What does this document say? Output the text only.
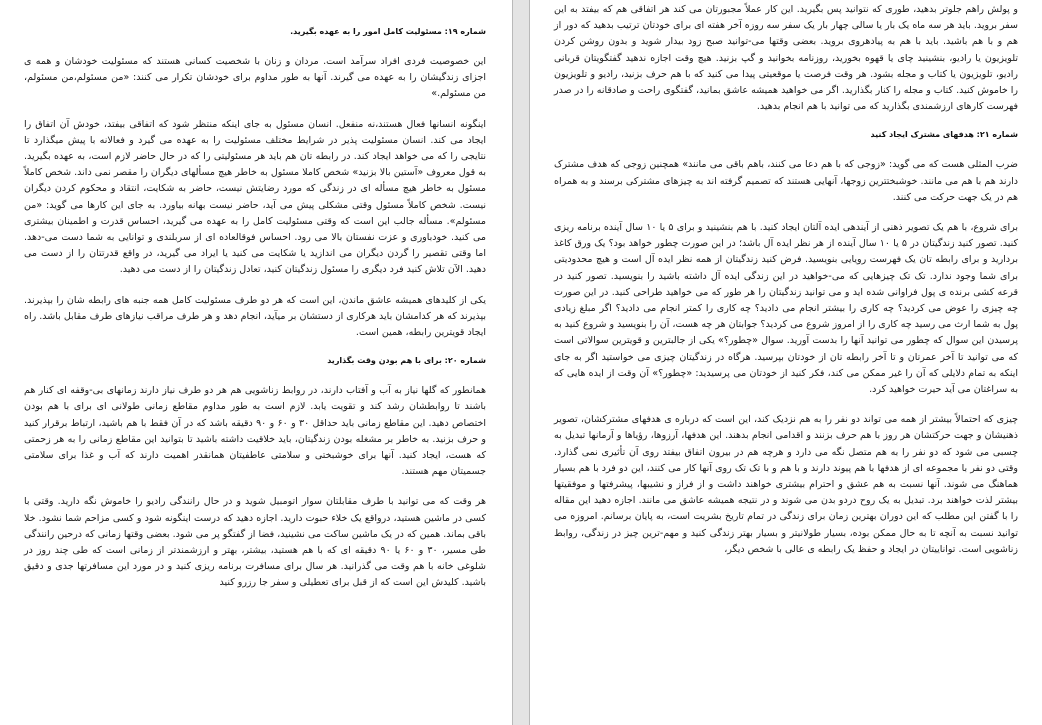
شماره ۱۹: مسئولیت کامل امور را به عهده بگیرید.

این خصوصیت فردی افراد سرآمد است. مردان و زنان با شخصیت کسانی هستند که مسئولیت خودشان و همه ی اجزای زندگیشان را به عهده می گیرند. آنها به طور مداوم برای خودشان تکرار می کنند: «من مسئولم،من مسئولم، من مسئولم.»

اینگونه انسانها فعال هستند،نه منفعل. انسان مسئول به جای اینکه منتظر شود که اتفاقی بیفتد، خودش آن اتفاق را ایجاد می کند. انسان مسئولیت پذیر در شرایط مختلف مسئولیت را به عهده می گیرد و فعالانه با پیش میگذارد تا نتایجی را که می خواهد ایجاد کند. در رابطه تان هم باید هر مسئولیتی را که در حال حاضر لازم است، به عهده بگیرید. به قول معروف «آستین بالا بزنید» شخص کاملا مسئول به خاطر هیچ مسألهای دیگران را مقصر نمی داند. شخص کاملاً مسئول به خاطر هیچ مسأله ای در زندگی که مورد رضایتش نیست، حاضر به شکایت، انتقاد و محکوم کردن دیگران نیست. شخص کاملاً مسئول وقتی مشکلی پیش می آید، حاضر نیست بهانه بیاورد. به جای این کارها می گوید: «من مسئولم». مسأله جالب این است که وقتی مسئولیت کامل را به عهده می گیرید، احساس قدرت و اطمینان بیشتری می کنید. خودباوری و عزت نفستان بالا می رود. احساس فوقالعاده ای از سربلندی و توانایی به شما دست می-دهد. اما وقتی تقصیر را گردن دیگران می اندازید یا شکایت می کنید یا ایراد می گیرید، در واقع قدرتتان را از دست می دهید. الآن تلاش کنید فرد دیگری را مسئول زندگیتان کنید، تعادل زندگیتان را از دست می دهید.

یکی از کلیدهای همیشه عاشق ماندن، این است که هر دو طرف مسئولیت کامل همه جنبه های رابطه شان را بپذیرند. بپذیرند که هر کدامشان باید هرکاری از دستشان بر میآید، انجام دهد و هر طرف مراقب نیازهای طرف مقابل باشد. راه ایجاد قویترین رابطه، همین است.

شماره ۲۰: برای با هم بودن وقت بگذارید

همانطور که گلها نیاز به آب و آفتاب دارند، در روابط زناشویی هم هر دو طرف نیاز دارند زمانهای بی-وقفه ای کنار هم باشند تا روابطشان رشد کند و تقویت یابد. لازم است به طور مداوم مقاطع زمانی طولانی ای برای با هم بودن اختصاص دهید. این مقاطع زمانی باید حداقل ۳۰ و ۶۰ و ۹۰ دقیقه باشد که در آن فقط با هم باشید، ارتباط برقرار کنید و حرف بزنید. به خاطر بر مشغله بودن زندگیتان، باید خلاقیت داشته باشید تا بتوانید این مقاطع زمانی را به هر زحمتی که هست، ایجاد کنید. آنها برای خوشبختی و سلامتی عاطفیتان همانقدر اهمیت دارند که آب و غذا برای سلامتی جسمیتان مهم هستند.

هر وقت که می توانید با طرف مقابلتان سوار اتومبیل شوید و در حال رانندگی رادیو را خاموش نگه دارید. وقتی با کسی در ماشین هستید، درواقع یک خلاء حبوت دارید. اجازه دهید که درست اینگونه شود و کسی مزاحم شما نشود. خلا باقی بماند. همین که در یک ماشین ساکت می نشینید، فضا از گفتگو پر می شود. بعضی وقتها زمانی که درحین رانندگی طی مسیر، ۳۰ و ۶۰ یا ۹۰ دقیقه ای که با هم هستید، بیشتر، بهتر و ارزشمندتر از زمانی است که طی چند روز در شلوغی خانه با هم وقت می گذرانید. هر سال برای مسافرت برنامه ریزی کنید و در مورد این مسافرتها جدی و دقیق باشید. کلیدش این است که از قبل برای تعطیلی و سفر جا رزرو کنید

و پولش راهم جلوتر بدهید، طوری که نتوانید پس بگیرید. این کار عملاً مجبورتان می کند هر اتفاقی هم که بیفتد به این سفر بروید. باید هر سه ماه یک بار یا سالی چهار بار یک سفر سه روزه آخر هفته ای برای خودتان ترتیب بدهید که دور از هم و با هم باشید. باید با هم به پیادهروی بروید. بعضی وقتها می-توانید صبح زود بیدار شوید و بدون روشن کردن تلویزیون یا رادیو، بنشینید چای یا قهوه بخورید، روزنامه بخوانید و گپ بزنید. هیچ وقت اجازه ندهید گفتگویتان قربانی رادیو، تلویزیون یا کتاب و مجله بشود. هر وقت فرصت یا موقعیتی پیدا می کنید که با هم حرف بزنید، رادیو و تلویزیون را خاموش کنید. کتاب و مجله را کنار بگذارید. اگر می خواهید همیشه عاشق بمانید، گفتگوی راحت و صادقانه را در صدر فهرست کارهای ارزشمندی بگذارید که می توانید با هم انجام بدهید.

شماره ۲۱: هدفهای مشترک ایجاد کنید

ضرب المثلی هست که می گوید: «زوجی که با هم دعا می کنند، باهم باقی می مانند» همچنین زوجی که هدف مشترک دارند هم با هم می مانند. خوشبختترین زوجها، آنهایی هستند که تصمیم گرفته اند به چیزهای مشترکی برسند و به همراه هم در یک جهت حرکت می کنند.

برای شروع، با هم یک تصویر ذهنی از آیندهی ایده آلتان ایجاد کنید. با هم بنشینید و برای ۵ یا ۱۰ سال آینده برنامه ریزی کنید. تصور کنید زندگیتان در ۵ یا ۱۰ سال آینده از هر نظر ایده آل باشد؛ در این صورت چطور خواهد بود؟ یک ورق کاغذ بردارید و برای رابطه تان یک فهرست رویایی بنویسید. فرض کنید زندگیتان از همه نظر ایده آل است و هیچ محدودیتی برای شما وجود ندارد. تک تک چیزهایی که می-خواهید در این زندگی ایده آل داشته باشید را بنویسید. تصور کنید در قرعه کشی برنده ی پول فراوانی شده اید و می توانید زندگیتان را هر طور که می خواهید طراحی کنید. در این صورت چه چیزی را عوض می کردید؟ چه کاری را بیشتر انجام می دادید؟ چه کاری را کمتر انجام می دادید؟ اگر مبلغ زیادی پول به شما ارث می رسید چه کاری را از امروز شروع می کردید؟ جوابتان هر چه هست، آن را بنویسید و شروع کنید به پرسیدن این سوال که چطور می توانید آنها را بدست آورید. سوال «چطور؟» یکی از جالبترین و قویترین سوالاتی است که می توانید تا آخر عمرتان و تا آخر رابطه تان از خودتان بپرسید. هرگاه در زندگیتان چیزی می خواستید اگر به جای اینکه به تمام دلایلی که آن را غیر ممکن می کند، فکر کنید از خودتان می پرسیدید: «چطور؟» آن وقت از ایده هایی که به سراغتان می آید حیرت خواهید کرد.

چیزی که احتمالاً بیشتر از همه می تواند دو نفر را به هم نزدیک کند، این است که درباره ی هدفهای مشترکشان، تصویر ذهنیشان و جهت حرکتشان هر روز با هم حرف بزنند و اقدامی انجام بدهند. این هدفها، آرزوها، رؤیاها و آرمانها تبدیل به چسبی می شود که دو نفر را به هم متصل نگه می دارد و هرچه هم در بیرون اتفاق بیفتد روی آن تأثیری نمی گذارد. وقتی دو نفر با مجموعه ای از هدفها با هم پیوند دارند و با هم و با تک تک روی آنها کار می کنند، این دو فرد با هم بسیار هماهنگ می شوند. آنها نسبت به هم عشق و احترام بیشتری خواهند داشت و از فراز و نشیبها، پیشرفتها و موفقیتها بیشتر لذت خواهند برد. تبدیل به یک روح دردو بدن می شوند و در نتیجه همیشه عاشق می مانند. اجازه دهید این مقاله را با گفتن این مطلب که این دوران بهترین زمان برای زندگی در تمام تاریخ بشریت است، به پایان برسانم. امروزه می توانید نسبت به آنچه تا به حال ممکن بوده، بسیار طولانیتر و بسیار بهتر زندگی کنید و مهم-ترین چیز در زندگی، روابط زناشویی است. تواناییتان در ایجاد و حفظ یک رابطه ی عالی با شخص دیگر،
